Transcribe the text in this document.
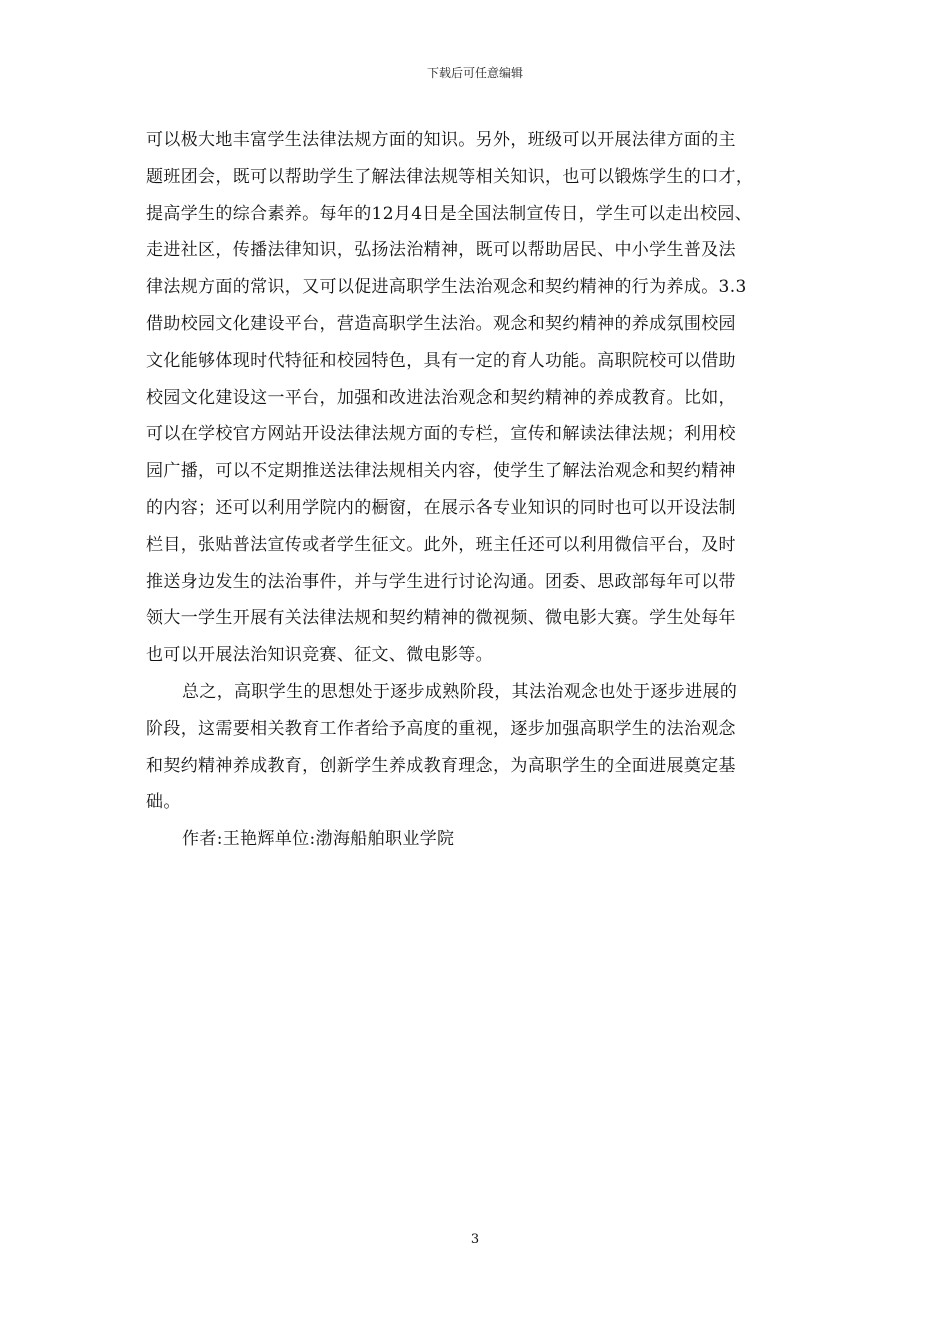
下载后可任意编辑
可以极大地丰富学生法律法规方面的知识。另外，班级可以开展法律方面的主
题班团会，既可以帮助学生了解法律法规等相关知识，也可以锻炼学生的口才，
提高学生的综合素养。每年的12月4日是全国法制宣传日，学生可以走出校园、
走进社区，传播法律知识，弘扬法治精神，既可以帮助居民、中小学生普及法
律法规方面的常识，又可以促进高职学生法治观念和契约精神的行为养成。3.3
借助校园文化建设平台，营造高职学生法治。观念和契约精神的养成氛围校园
文化能够体现时代特征和校园特色，具有一定的育人功能。高职院校可以借助
校园文化建设这一平台，加强和改进法治观念和契约精神的养成教育。比如，
可以在学校官方网站开设法律法规方面的专栏，宣传和解读法律法规；利用校
园广播，可以不定期推送法律法规相关内容，使学生了解法治观念和契约精神
的内容；还可以利用学院内的橱窗，在展示各专业知识的同时也可以开设法制
栏目，张贴普法宣传或者学生征文。此外，班主任还可以利用微信平台，及时
推送身边发生的法治事件，并与学生进行讨论沟通。团委、思政部每年可以带
领大一学生开展有关法律法规和契约精神的微视频、微电影大赛。学生处每年
也可以开展法治知识竞赛、征文、微电影等。
总之，高职学生的思想处于逐步成熟阶段，其法治观念也处于逐步进展的
阶段，这需要相关教育工作者给予高度的重视，逐步加强高职学生的法治观念
和契约精神养成教育，创新学生养成教育理念，为高职学生的全面进展奠定基
础。
作者:王艳辉单位:渤海船舶职业学院
3
